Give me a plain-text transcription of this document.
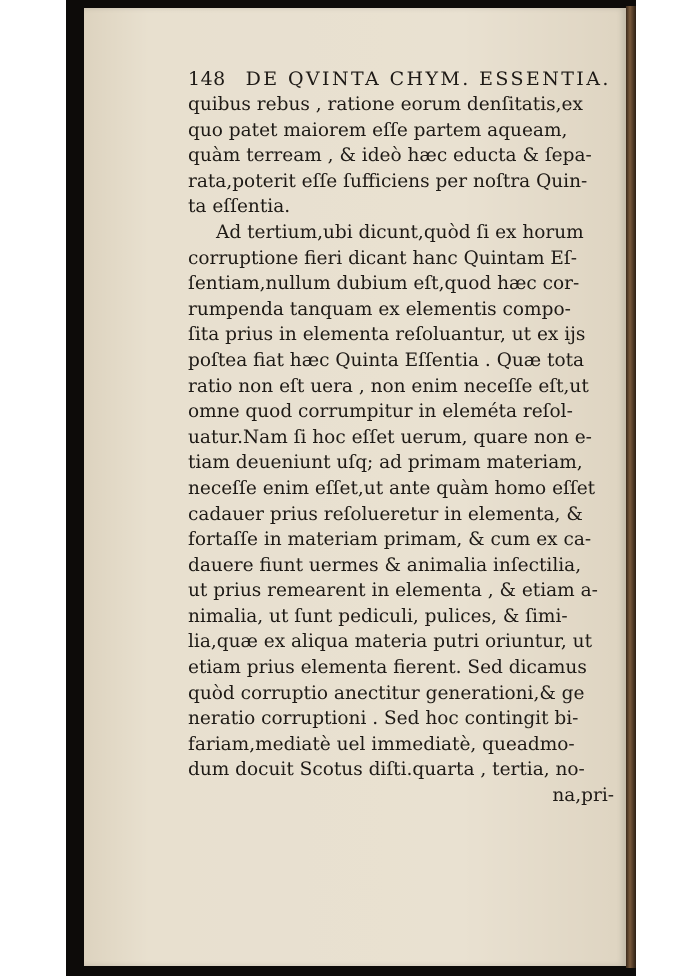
148 DE QVINTA CHYM. ESSENTIA.
quibus rebus , ratione eorum denſitatis,ex
quo patet maiorem eſſe partem aqueam,
quàm terream , & ideò hæc educta & ſepa-
rata,poterit eſſe ſufficiens per noſtra Quin-
ta eſſentia.
Ad tertium,ubi dicunt,quòd ſi ex horum
corruptione fieri dicant hanc Quintam Eſ-
ſentiam,nullum dubium eſt,quod hæc cor-
rumpenda tanquam ex elementis compo-
ſita prius in elementa reſoluantur, ut ex ijs
poſtea fiat hæc Quinta Eſſentia . Quæ tota
ratio non eſt uera , non enim neceſſe eſt,ut
omne quod corrumpitur in eleméta reſol-
uatur.Nam ſi hoc eſſet uerum, quare non e-
tiam deueniunt uſq; ad primam materiam,
neceſſe enim eſſet,ut ante quàm homo eſſet
cadauer prius reſolueretur in elementa, &
fortaſſe in materiam primam, & cum ex ca-
dauere fiunt uermes & animalia inſectilia,
ut prius remearent in elementa , & etiam a-
nimalia, ut ſunt pediculi, pulices, & ſimi-
lia,quæ ex aliqua materia putri oriuntur, ut
etiam prius elementa fierent. Sed dicamus
quòd corruptio anectitur generationi,& ge
neratio corruptioni . Sed hoc contingit bi-
fariam,mediatè uel immediatè, queadmo-
dum docuit Scotus diſti.quarta , tertia, no-
na,pri-
